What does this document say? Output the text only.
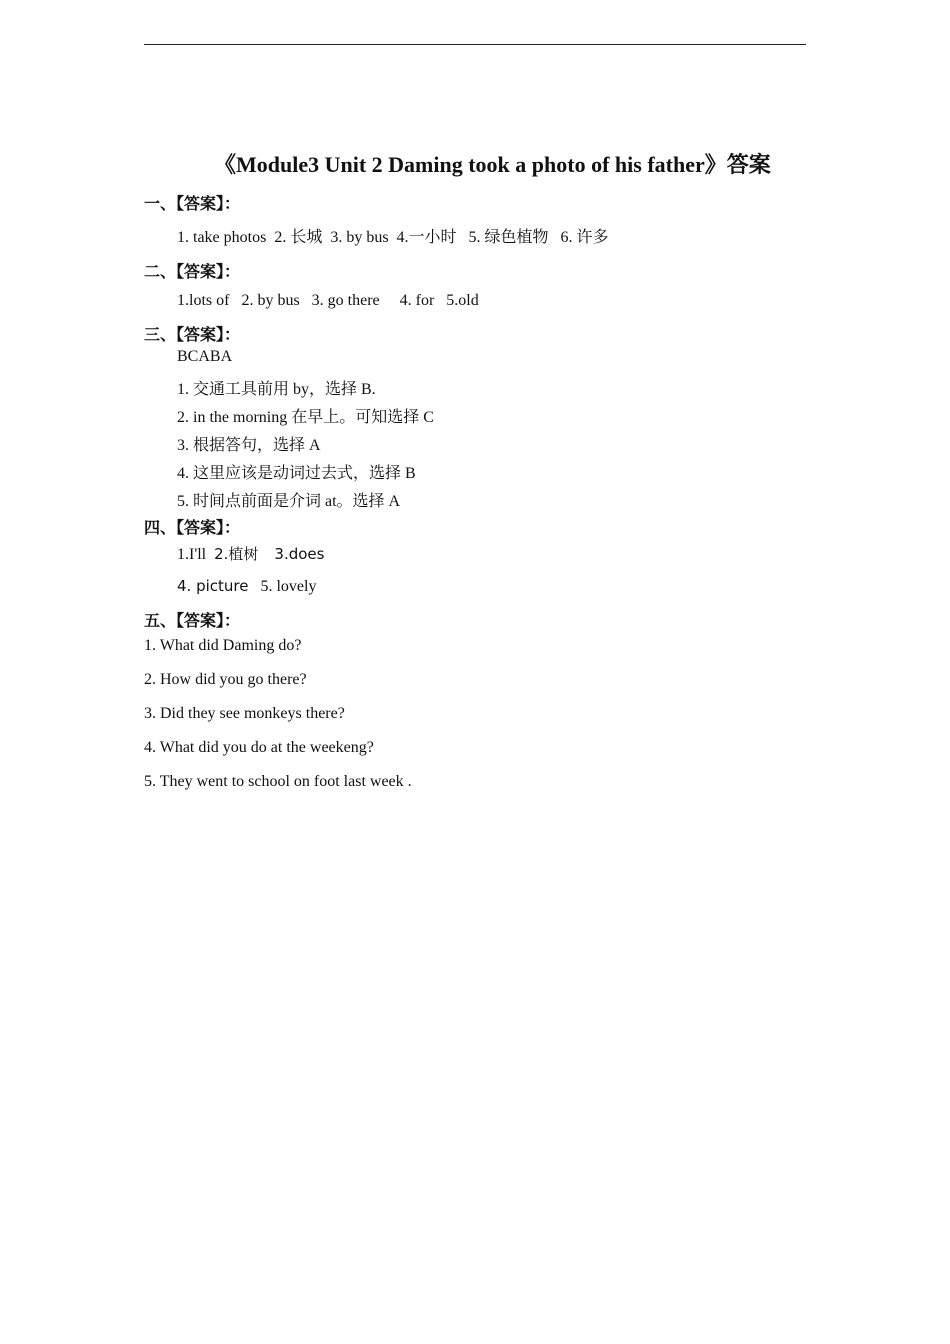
《Module3 Unit 2 Daming took a photo of his father》答案
一、【答案】：
1. take photos  2. 长城  3. by bus  4.一小时   5. 绿色植物   6. 许多
二、【答案】：
1.lots of   2. by bus   3. go there     4. for   5.old
三、【答案】：
BCABA
1. 交通工具前用 by，选择 B.
2. in the morning 在早上。可知选择 C
3. 根据答句，选择 A
4. 这里应该是动词过去式，选择 B
5. 时间点前面是介词 at。选择 A
四、【答案】：
1.I'll 2.植树 3.does
4. picture 5. lovely
五、【答案】：
1. What did Daming do?
2. How did you go there?
3. Did they see monkeys there?
4. What did you do at the weekeng?
5. They went to school on foot last week .
